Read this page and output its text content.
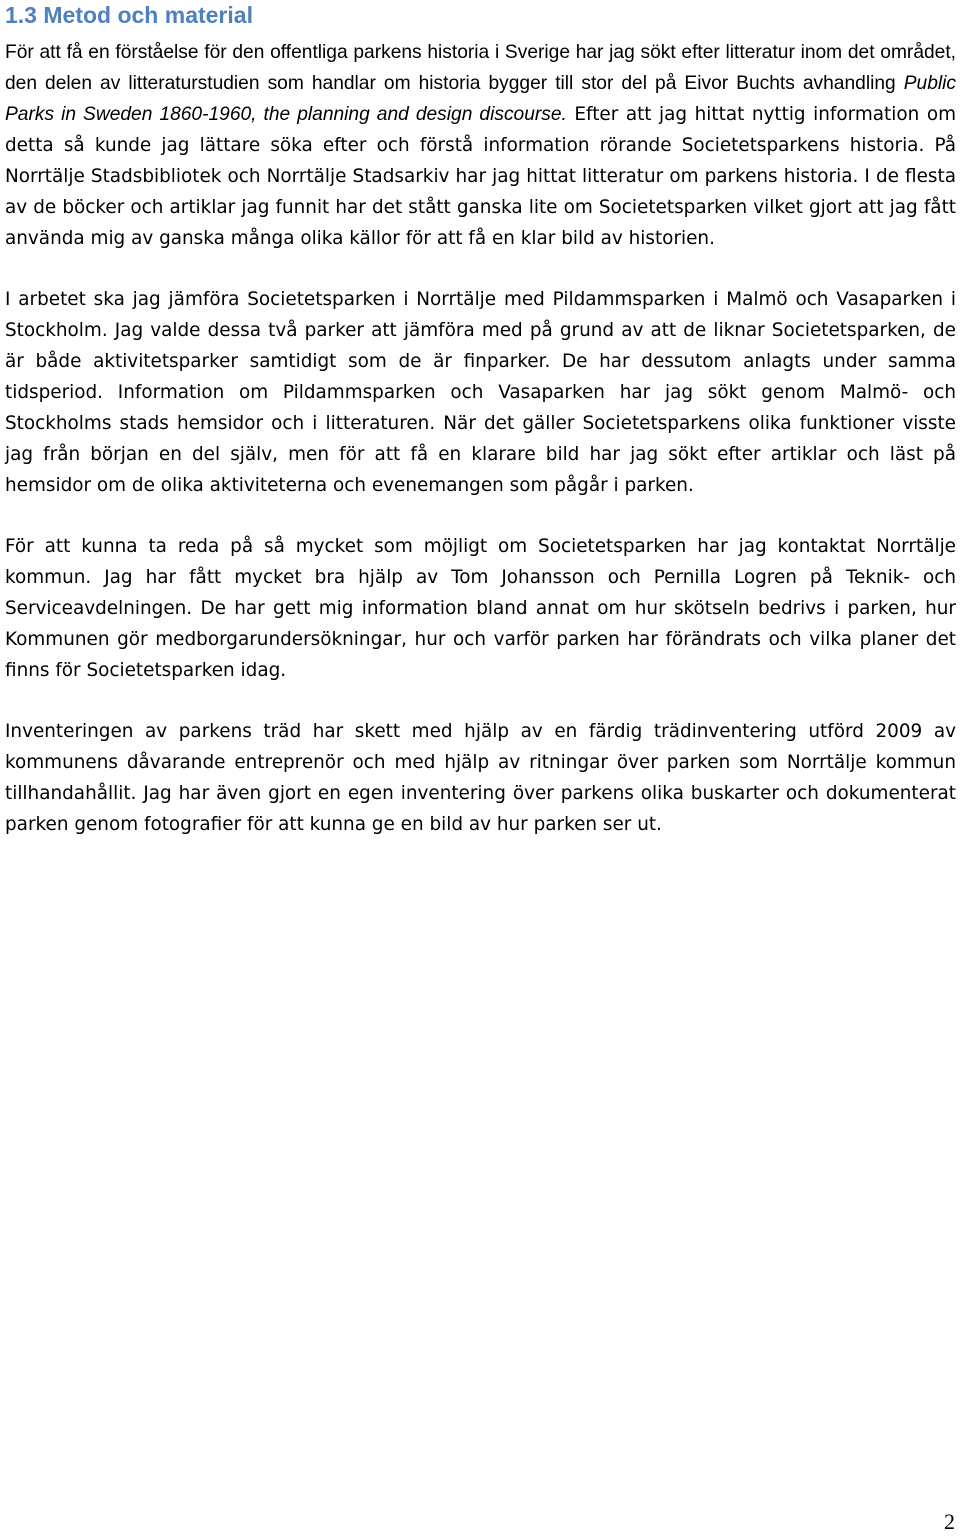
1.3 Metod och material

För att få en förståelse för den offentliga parkens historia i Sverige har jag sökt efter litteratur inom det området, den delen av litteraturstudien som handlar om historia bygger till stor del på Eivor Buchts avhandling Public Parks in Sweden 1860-1960, the planning and design discourse. Efter att jag hittat nyttig information om detta så kunde jag lättare söka efter och förstå information rörande Societetsparkens historia. På Norrtälje Stadsbibliotek och Norrtälje Stadsarkiv har jag hittat litteratur om parkens historia. I de flesta av de böcker och artiklar jag funnit har det stått ganska lite om Societetsparken vilket gjort att jag fått använda mig av ganska många olika källor för att få en klar bild av historien.

I arbetet ska jag jämföra Societetsparken i Norrtälje med Pildammsparken i Malmö och Vasaparken i Stockholm. Jag valde dessa två parker att jämföra med på grund av att de liknar Societetsparken, de är både aktivitetsparker samtidigt som de är finparker. De har dessutom anlagts under samma tidsperiod. Information om Pildammsparken och Vasaparken har jag sökt genom Malmö- och Stockholms stads hemsidor och i litteraturen. När det gäller Societetsparkens olika funktioner visste jag från början en del själv, men för att få en klarare bild har jag sökt efter artiklar och läst på hemsidor om de olika aktiviteterna och evenemangen som pågår i parken.

För att kunna ta reda på så mycket som möjligt om Societetsparken har jag kontaktat Norrtälje kommun. Jag har fått mycket bra hjälp av Tom Johansson och Pernilla Logren på Teknik- och Serviceavdelningen. De har gett mig information bland annat om hur skötseln bedrivs i parken, hur Kommunen gör medborgarundersökningar, hur och varför parken har förändrats och vilka planer det finns för Societetsparken idag.

Inventeringen av parkens träd har skett med hjälp av en färdig trädinventering utförd 2009 av kommunens dåvarande entreprenör och med hjälp av ritningar över parken som Norrtälje kommun tillhandahållit. Jag har även gjort en egen inventering över parkens olika buskarter och dokumenterat parken genom fotografier för att kunna ge en bild av hur parken ser ut.

2
